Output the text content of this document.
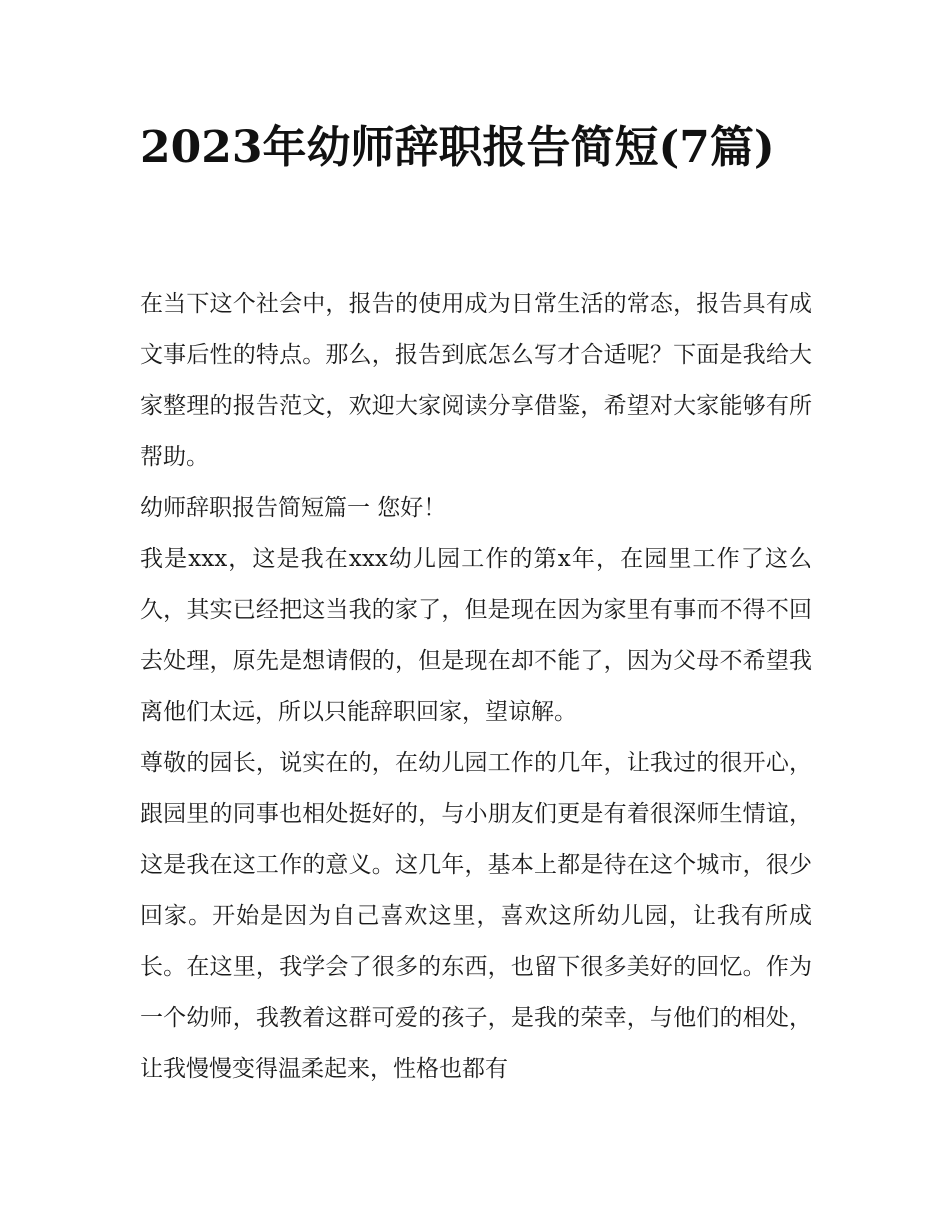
2023年幼师辞职报告简短(7篇)

在当下这个社会中，报告的使用成为日常生活的常态，报告具有成文事后性的特点。那么，报告到底怎么写才合适呢？下面是我给大家整理的报告范文，欢迎大家阅读分享借鉴，希望对大家能够有所帮助。

幼师辞职报告简短篇一 您好！

我是xxx，这是我在xxx幼儿园工作的第x年，在园里工作了这么久，其实已经把这当我的家了，但是现在因为家里有事而不得不回去处理，原先是想请假的，但是现在却不能了，因为父母不希望我离他们太远，所以只能辞职回家，望谅解。

尊敬的园长，说实在的，在幼儿园工作的几年，让我过的很开心，跟园里的同事也相处挺好的，与小朋友们更是有着很深师生情谊，这是我在这工作的意义。这几年，基本上都是待在这个城市，很少回家。开始是因为自己喜欢这里，喜欢这所幼儿园，让我有所成长。在这里，我学会了很多的东西，也留下很多美好的回忆。作为一个幼师，我教着这群可爱的孩子，是我的荣幸，与他们的相处，让我慢慢变得温柔起来，性格也都有
